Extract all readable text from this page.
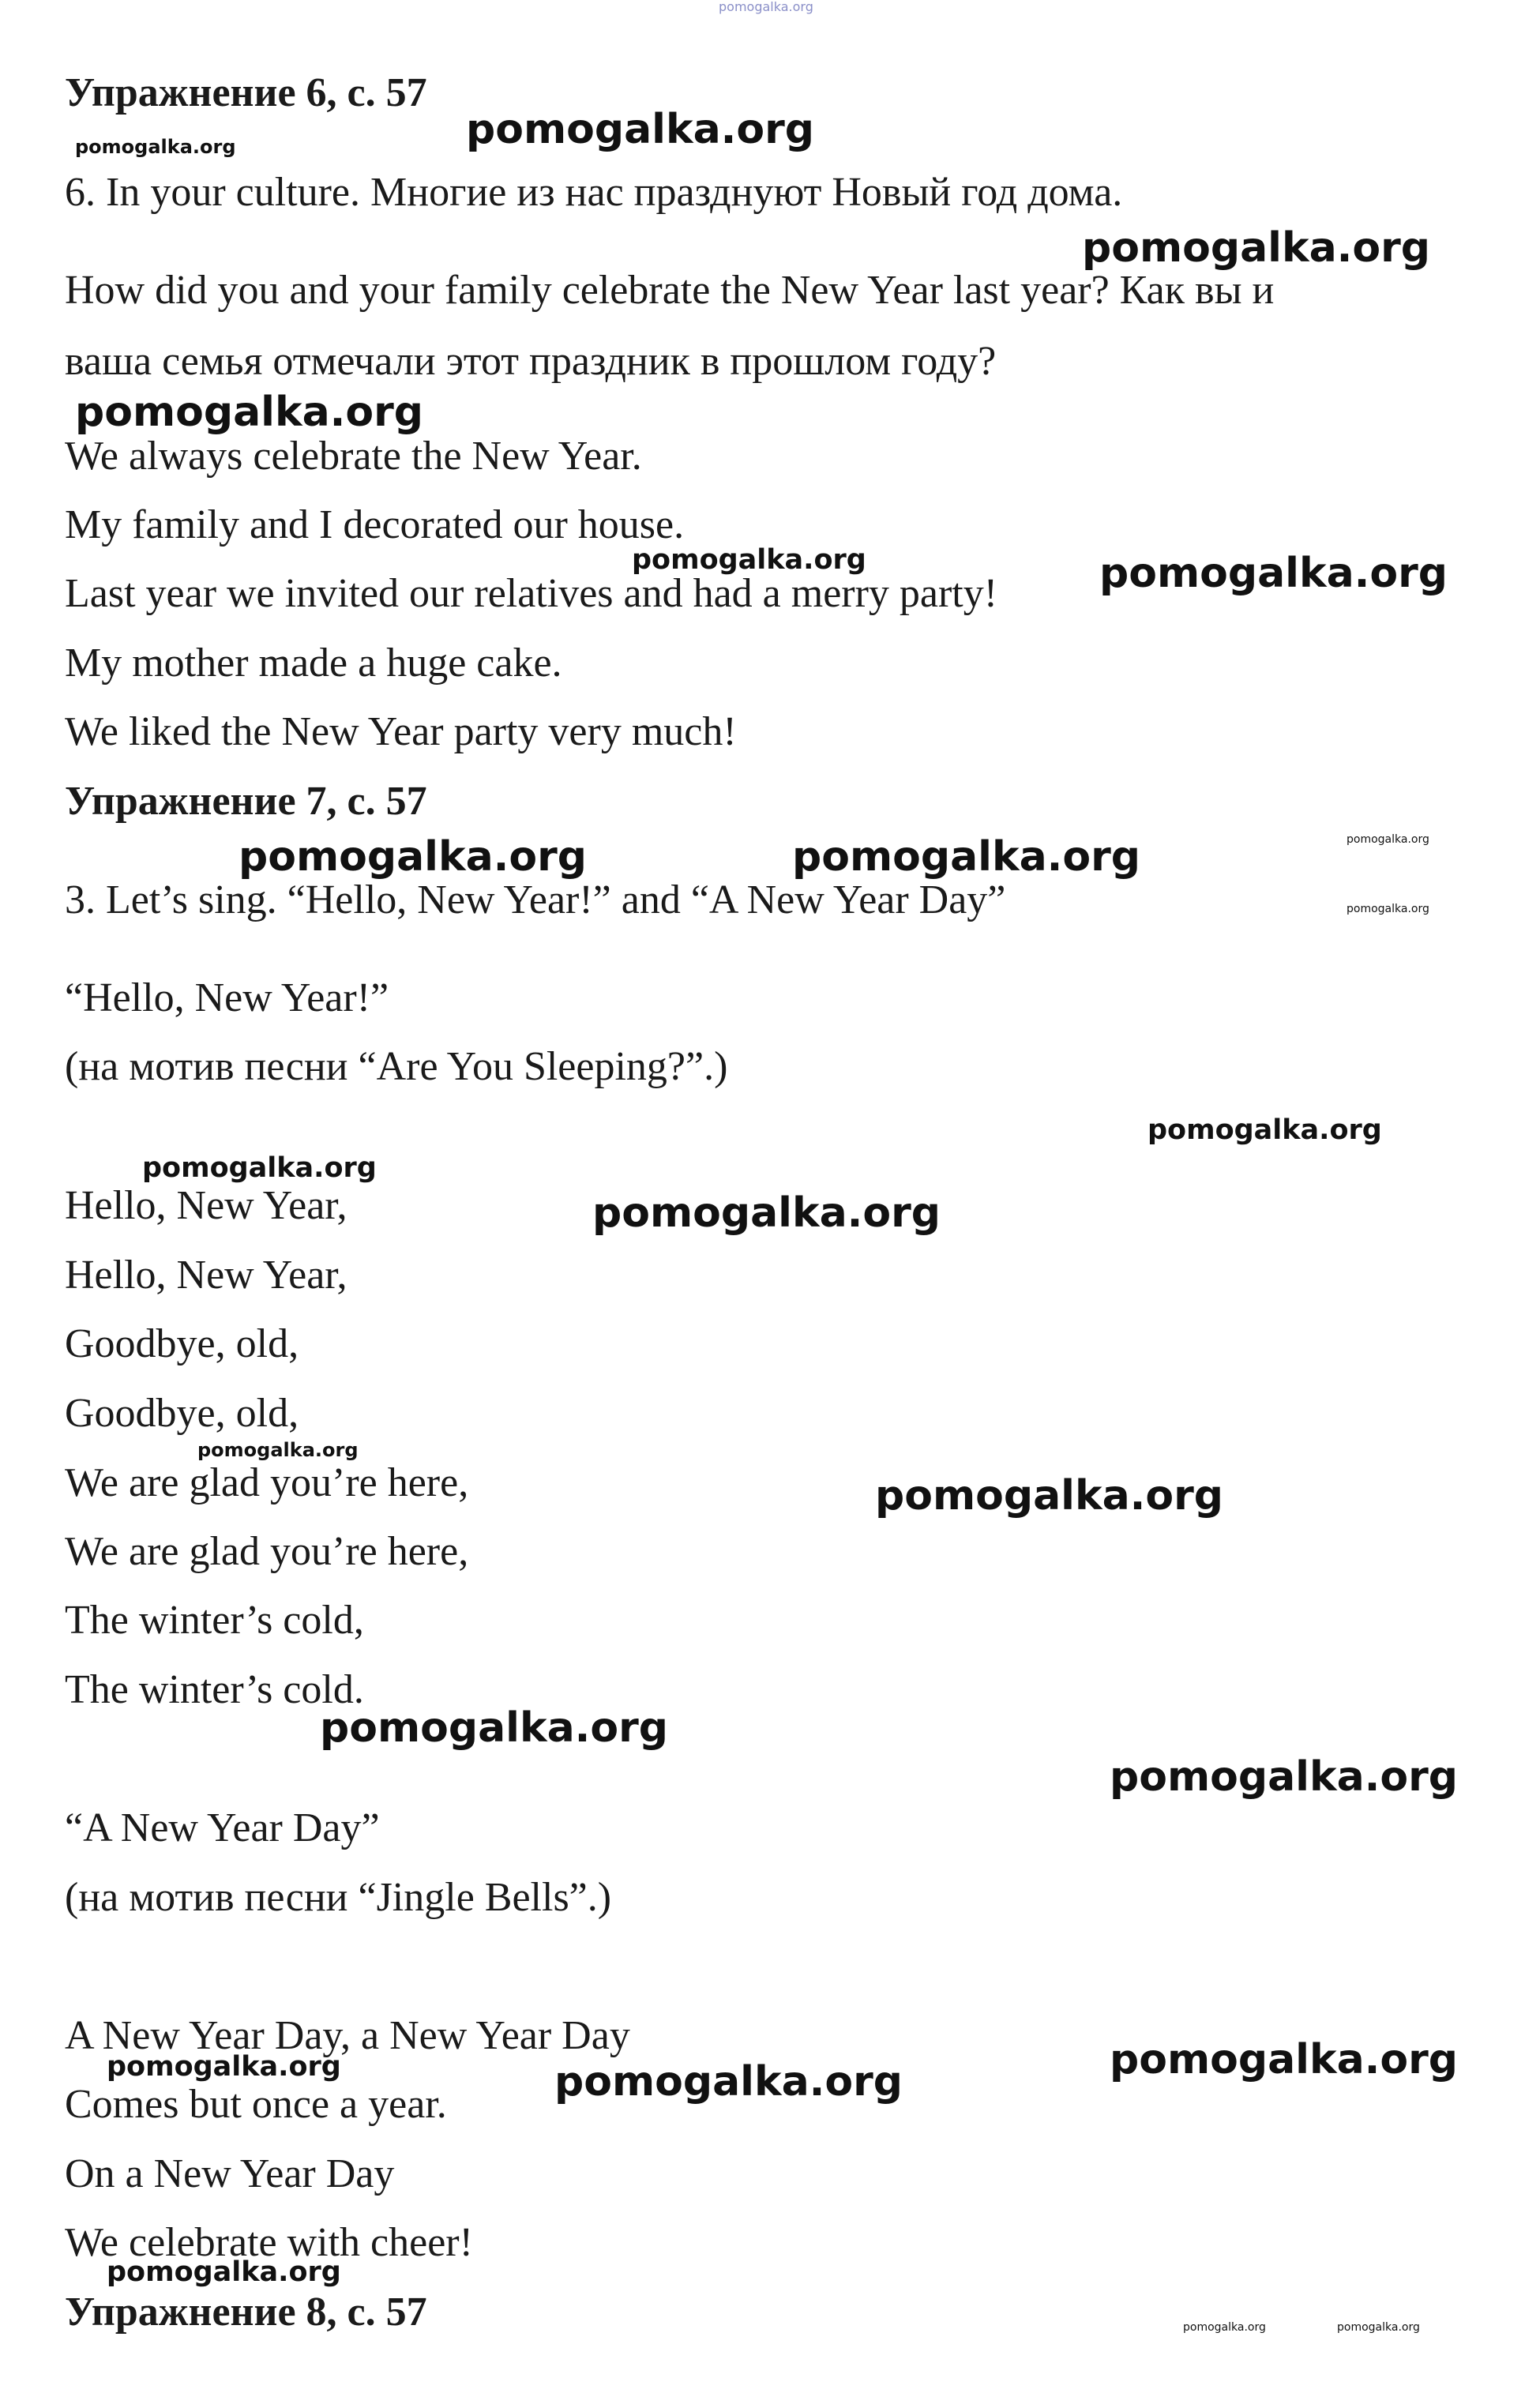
Упражнение 6, с. 57

6. In your culture. Многие из нас празднуют Новый год дома.

How did you and your family celebrate the New Year last year? Как вы и

ваша семья отмечали этот праздник в прошлом году?

We always celebrate the New Year.

My family and I decorated our house.

Last year we invited our relatives and had a merry party!

My mother made a huge cake.

We liked the New Year party very much!

Упражнение 7, с. 57

3. Let’s sing. “Hello, New Year!” and “A New Year Day”

“Hello, New Year!”

(на мотив песни “Are You Sleeping?”.)

Hello, New Year,

Hello, New Year,

Goodbye, old,

Goodbye, old,

We are glad you’re here,

We are glad you’re here,

The winter’s cold,

The winter’s cold.

“A New Year Day”

(на мотив песни “Jingle Bells”.)

A New Year Day, a New Year Day

Comes but once a year.

On a New Year Day

We celebrate with cheer!

Упражнение 8, с. 57

pomogalka.org
pomogalka.org
pomogalka.org
pomogalka.org
pomogalka.org
pomogalka.org	pomogalka.org
pomogalka.org	pomogalka.org	pomogalka.org
pomogalka.org
pomogalka.org
pomogalka.org
pomogalka.org
pomogalka.org
pomogalka.org
pomogalka.org
pomogalka.org
pomogalka.org	pomogalka.org
pomogalka.org
pomogalka.org
pomogalka.org	pomogalka.org
